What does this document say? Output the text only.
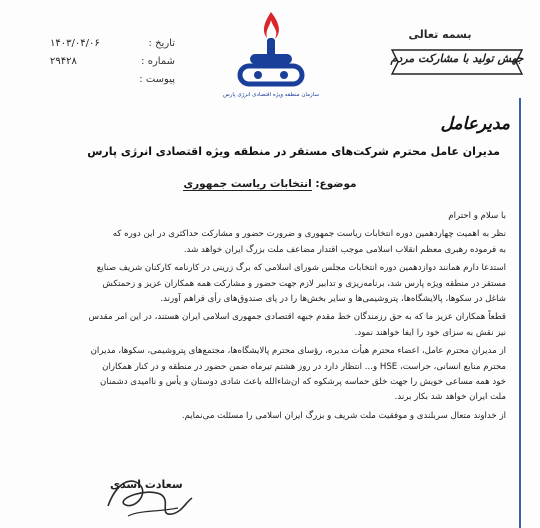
تاریخ :
۱۴۰۳/۰۴/۰۶
شماره :
۲۹۴۲۸
پیوست :
سازمان منطقه ویژه اقتصادی انرژی پارس
بسمه تعالی
جهش تولید با مشارکت مردم
مدیرعامل
مدیران عامل محترم شرکت‌های مستقر در منطقه ویژه اقتصادی انرژی پارس
موضوع: انتخابات ریاست جمهوری

با سلام و احترام

نظر به اهمیت چهاردهمین دوره انتخابات ریاست جمهوری و ضرورت حضور و مشارکت حداکثری در این دوره که

به فرموده رهبری معظم انقلاب اسلامی موجب اقتدار مضاعف ملت بزرگ ایران خواهد شد.

استدعا دارم همانند دوازدهمین دوره انتخابات مجلس شورای اسلامی که برگ زرینی در کارنامه کارکنان شریف صنایع

مستقر در منطقه ویژه پارس شد، برنامه‌ریزی و تدابیر لازم جهت حضور و مشارکت همه همکاران عزیز و زحمتکش

شاغل در سکوها، پالایشگاه‌ها، پتروشیمی‌ها و سایر بخش‌ها را در پای صندوق‌های رأی فراهم آورند.

قطعاً همکاران عزیز ما که به حق رزمندگان خط مقدم جبهه اقتصادی جمهوری اسلامی ایران هستند، در این امر مقدس

نیز نقش به سزای خود را ایفا خواهند نمود.

از مدیران محترم عامل، اعضاء محترم هیأت مدیره، رؤسای محترم پالایشگاه‌ها، مجتمع‌های پتروشیمی، سکوها، مدیران

محترم منابع انسانی، حراست، HSE و... انتظار دارد در روز هشتم تیرماه ضمن حضور در منطقه و در کنار همکاران

خود همه مساعی خویش را جهت خلق حماسه پرشکوه که ان‌شاءالله باعث شادی دوستان و یأس و ناامیدی دشمنان

ملت ایران خواهد شد بکار برند.

از خداوند متعال سربلندی و موفقیت ملت شریف و بزرگ ایران اسلامی را مسئلت می‌نمایم.

سعادت اسدی
